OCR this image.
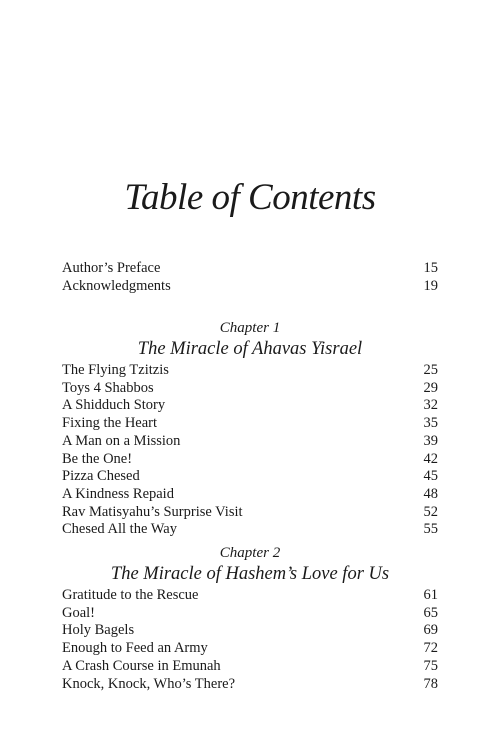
Table of Contents
Author’s Preface	15
Acknowledgments	19
Chapter 1
The Miracle of Ahavas Yisrael
The Flying Tzitzis	25
Toys 4 Shabbos	29
A Shidduch Story	32
Fixing the Heart	35
A Man on a Mission	39
Be the One!	42
Pizza Chesed	45
A Kindness Repaid	48
Rav Matisyahu’s Surprise Visit	52
Chesed All the Way	55
Chapter 2
The Miracle of Hashem’s Love for Us
Gratitude to the Rescue	61
Goal!	65
Holy Bagels	69
Enough to Feed an Army	72
A Crash Course in Emunah	75
Knock, Knock, Who’s There?	78
